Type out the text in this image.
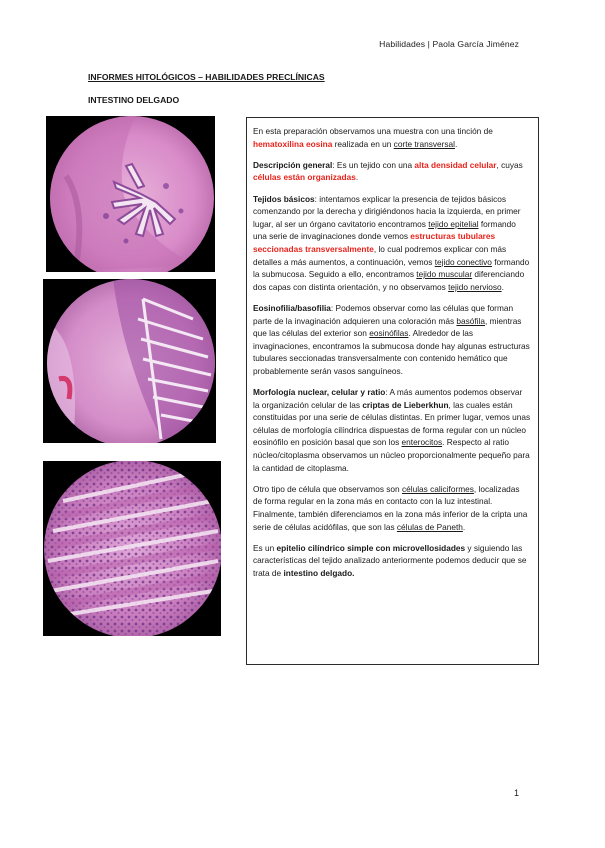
Habilidades | Paola García Jiménez
INFORMES HITOLÓGICOS – HABILIDADES PRECLÍNICAS
INTESTINO DELGADO

En esta preparación observamos una muestra con una tinción de hematoxilina eosina realizada en un corte transversal.

Descripción general: Es un tejido con una alta densidad celular, cuyas células están organizadas.

Tejidos básicos: intentamos explicar la presencia de tejidos básicos comenzando por la derecha y dirigiéndonos hacia la izquierda, en primer lugar, al ser un órgano cavitatorio encontramos tejido epitelial formando una serie de invaginaciones donde vemos estructuras tubulares seccionadas transversalmente, lo cual podremos explicar con más detalles a más aumentos, a continuación, vemos tejido conectivo formando la submucosa. Seguido a ello, encontramos tejido muscular diferenciando dos capas con distinta orientación, y no observamos tejido nervioso.

Eosinofilia/basofilia: Podemos observar como las células que forman parte de la invaginación adquieren una coloración más basófila, mientras que las células del exterior son eosinófilas. Alrededor de las invaginaciones, encontramos la submucosa donde hay algunas estructuras tubulares seccionadas transversalmente con contenido hemático que probablemente serán vasos sanguíneos.

Morfología nuclear, celular y ratio: A más aumentos podemos observar la organización celular de las criptas de Lieberkhun, las cuales están constituidas por una serie de células distintas. En primer lugar, vemos unas células de morfología cilíndrica dispuestas de forma regular con un núcleo eosinófilo en posición basal que son los enterocitos. Respecto al ratio núcleo/citoplasma observamos un núcleo proporcionalmente pequeño para la cantidad de citoplasma.

Otro tipo de célula que observamos son células caliciformes, localizadas de forma regular en la zona más en contacto con la luz intestinal. Finalmente, también diferenciamos en la zona más inferior de la cripta una serie de células acidófilas, que son las células de Paneth.

Es un epitelio cilíndrico simple con microvellosidades y siguiendo las características del tejido analizado anteriormente podemos deducir que se trata de intestino delgado.

1
